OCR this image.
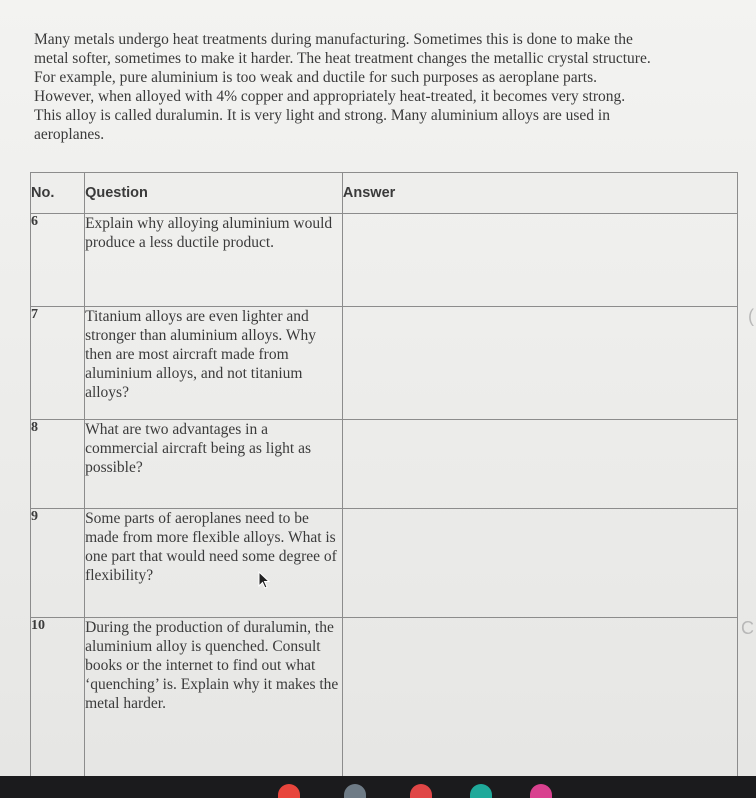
Many metals undergo heat treatments during manufacturing. Sometimes this is done to make the

metal softer, sometimes to make it harder. The heat treatment changes the metallic crystal structure.

For example, pure aluminium is too weak and ductile for such purposes as aeroplane parts.

However, when alloyed with 4% copper and appropriately heat-treated, it becomes very strong.

This alloy is called duralumin. It is very light and strong. Many aluminium alloys are used in

aeroplanes.

No.	Question	Answer
6	Explain why alloying aluminium would produce a less ductile product.	
7	Titanium alloys are even lighter and stronger than aluminium alloys. Why then are most aircraft made from aluminium alloys, and not titanium alloys?	
8	What are two advantages in a commercial aircraft being as light as possible?	
9	Some parts of aeroplanes need to be made from more flexible alloys. What is one part that would need some degree of flexibility?	
10	During the production of duralumin, the aluminium alloy is quenched. Consult books or the internet to find out what ‘quenching’ is. Explain why it makes the metal harder.	
(
C
